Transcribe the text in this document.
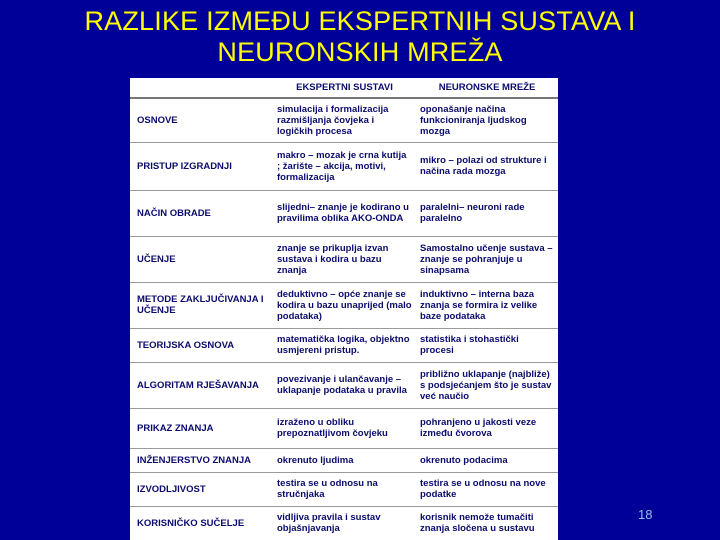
RAZLIKE IZMEĐU EKSPERTNIH SUSTAVA I
NEURONSKIH MREŽA
	EKSPERTNI SUSTAVI	NEURONSKE MREŽE
OSNOVE	simulacija i formalizacija razmišljanja čovjeka i logičkih procesa	oponašanje načina funkcioniranja ljudskog mozga
PRISTUP IZGRADNJI	makro – mozak je crna kutija ; žarište – akcija, motivi, formalizacija	mikro – polazi od strukture i načina rada mozga
NAČIN OBRADE	slijedni– znanje je kodirano u pravilima oblika AKO-ONDA	paralelni– neuroni rade paralelno
UČENJE	znanje se prikuplja izvan sustava i kodira u bazu znanja	Samostalno učenje sustava – znanje se pohranjuje u sinapsama
METODE ZAKLJUČIVANJA I UČENJE	deduktivno – opće znanje se kodira u bazu unaprijed (malo podataka)	induktivno – interna baza znanja se formira iz velike baze podataka
TEORIJSKA OSNOVA	matematička logika, objektno usmjereni pristup.	statistika i stohastički procesi
ALGORITAM RJEŠAVANJA	povezivanje i ulančavanje – uklapanje podataka u pravila	približno uklapanje (najbliže) s podsjećanjem što je sustav već naučio
PRIKAZ ZNANJA	izraženo u obliku prepoznatljivom čovjeku	pohranjeno u jakosti veze između čvorova
INŽENJERSTVO ZNANJA	okrenuto ljudima	okrenuto podacima
IZVODLJIVOST	testira se u odnosu na stručnjaka	testira se u odnosu na nove podatke
KORISNIČKO SUČELJE	vidljiva pravila i sustav objašnjavanja	korisnik nemože tumačiti znanja sločena u sustavu
18
